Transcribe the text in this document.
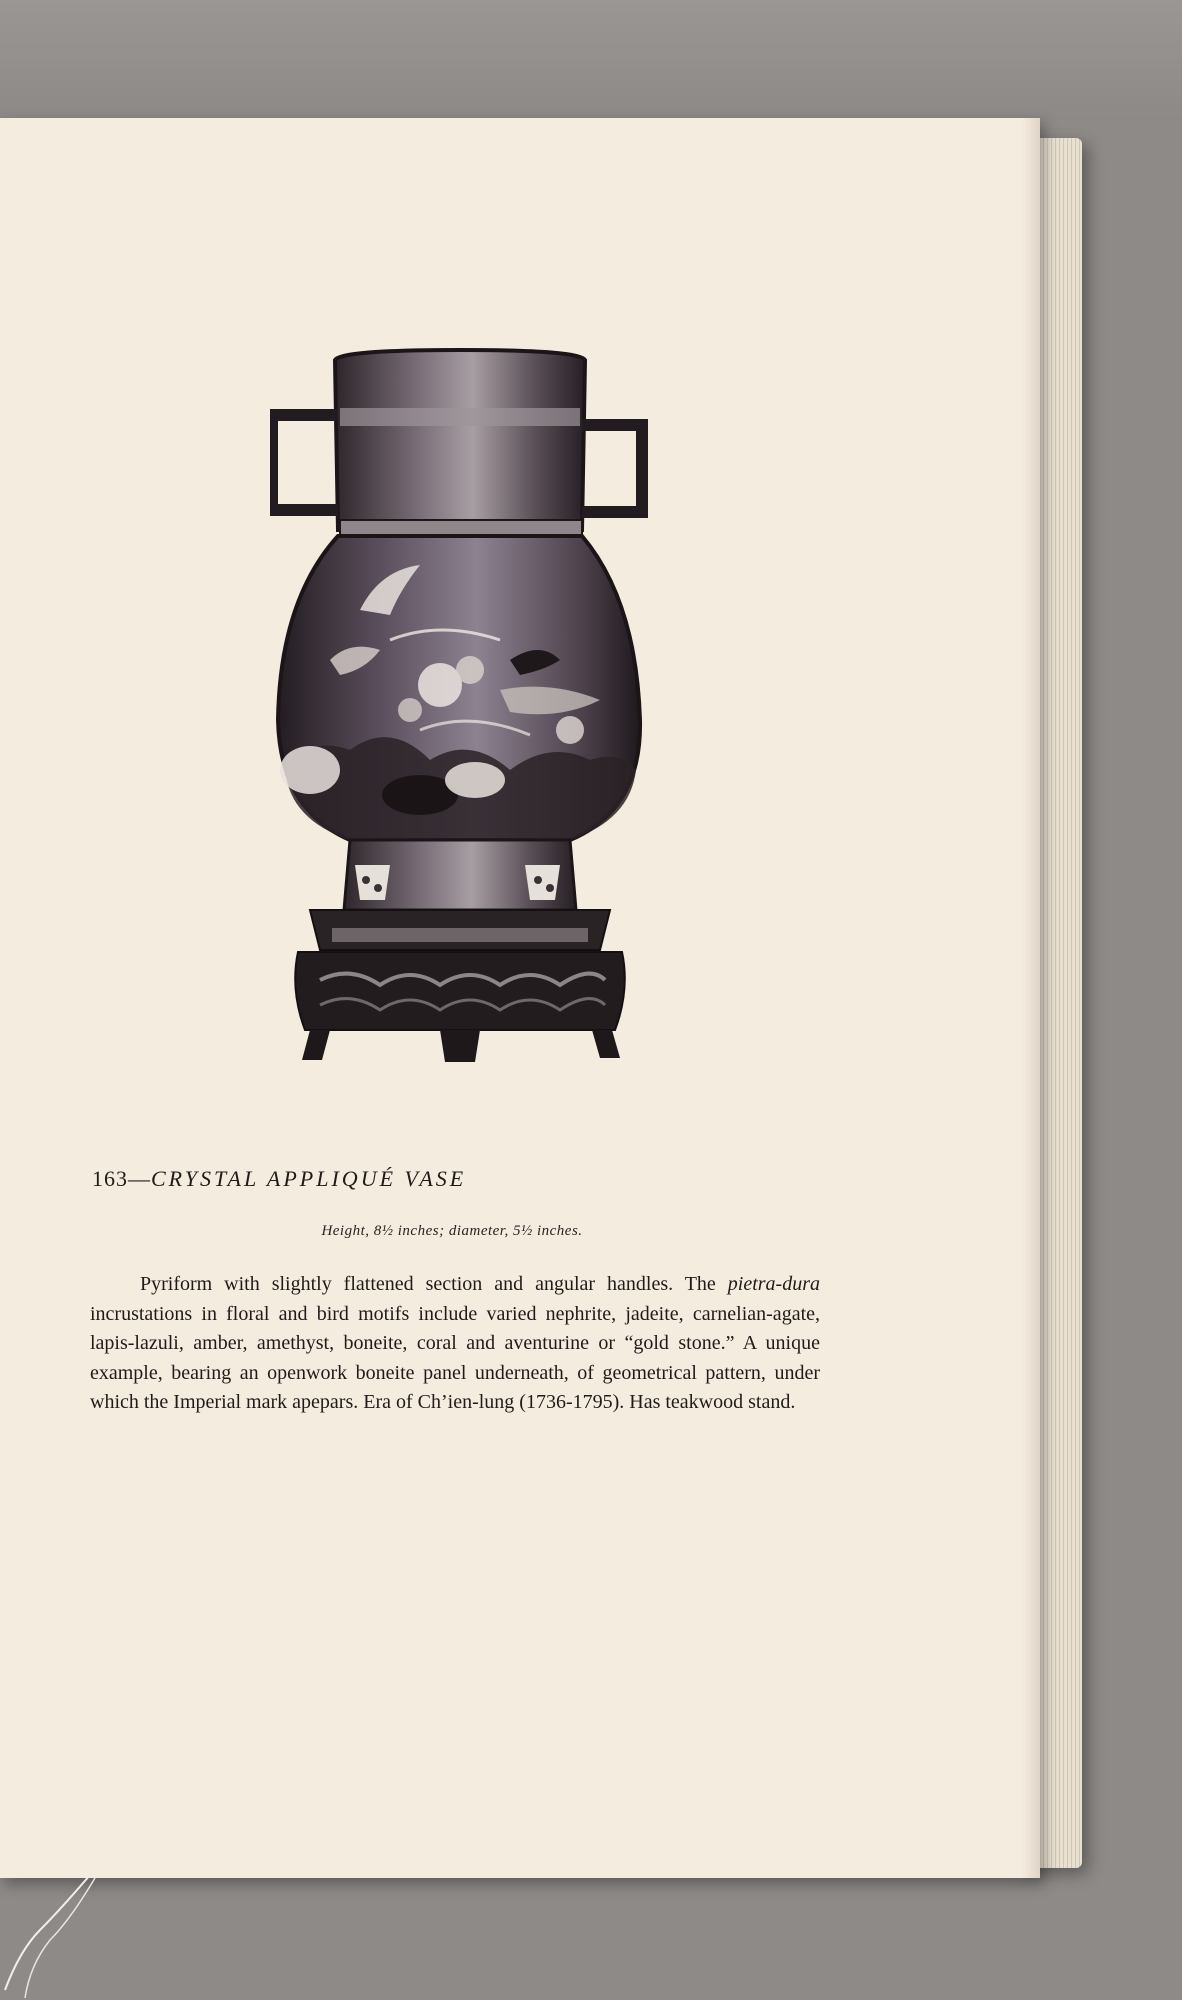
163—CRYSTAL APPLIQUÉ VASE
Height, 8½ inches; diameter, 5½ inches.
Pyriform with slightly flattened section and angular handles. The pietra-dura incrustations in floral and bird motifs include varied nephrite, jadeite, carnelian-agate, lapis-lazuli, amber, amethyst, boneite, coral and aventurine or “gold stone.” A unique example, bearing an openwork boneite panel underneath, of geometrical pattern, under which the Imperial mark apepars. Era of Ch’ien-lung (1736-1795). Has teakwood stand.
